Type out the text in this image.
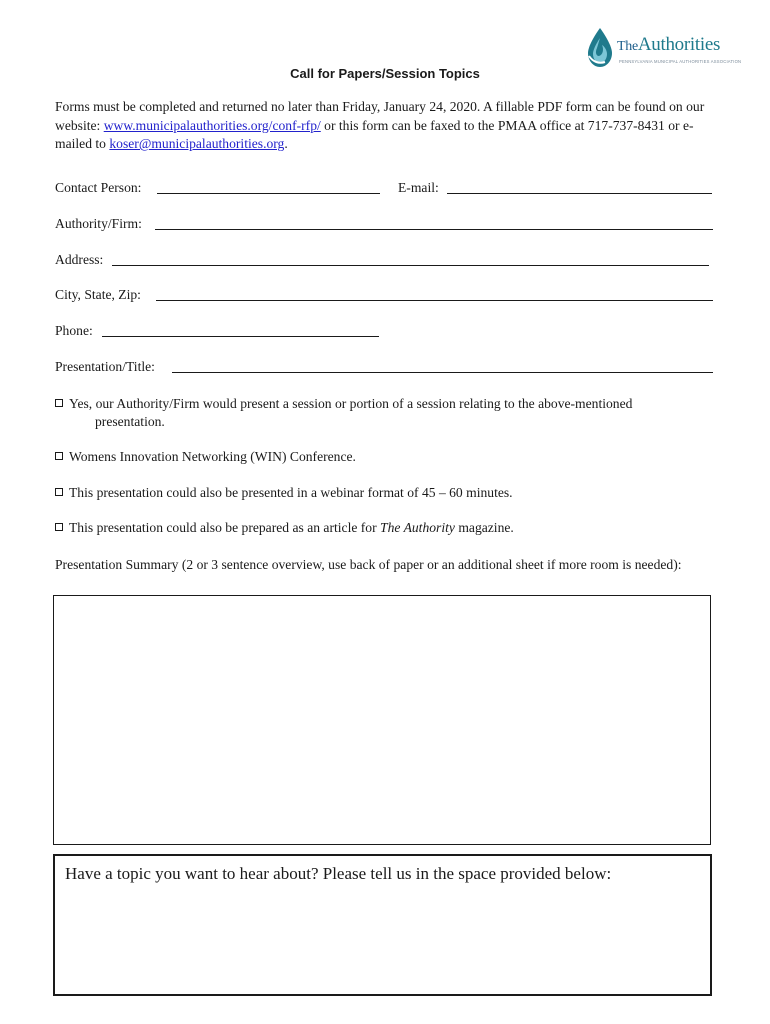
TheAuthorities
PENNSYLVANIA MUNICIPAL AUTHORITIES ASSOCIATION
Call for Papers/Session Topics
Forms must be completed and returned no later than Friday, January 24, 2020. A fillable PDF form can be found on our website: www.municipalauthorities.org/conf-rfp/ or this form can be faxed to the PMAA office at 717-737-8431 or e-mailed to koser@municipalauthorities.org.
Contact Person:	E-mail:
Authority/Firm:
Address:
City, State, Zip:
Phone:
Presentation/Title:
Yes, our Authority/Firm would present a session or portion of a session relating to the above-mentioned
presentation.
Womens Innovation Networking (WIN) Conference.
This presentation could also be presented in a webinar format of 45 – 60 minutes.
This presentation could also be prepared as an article for The Authority magazine.
Presentation Summary (2 or 3 sentence overview, use back of paper or an additional sheet if more room is needed):
Have a topic you want to hear about? Please tell us in the space provided below:
